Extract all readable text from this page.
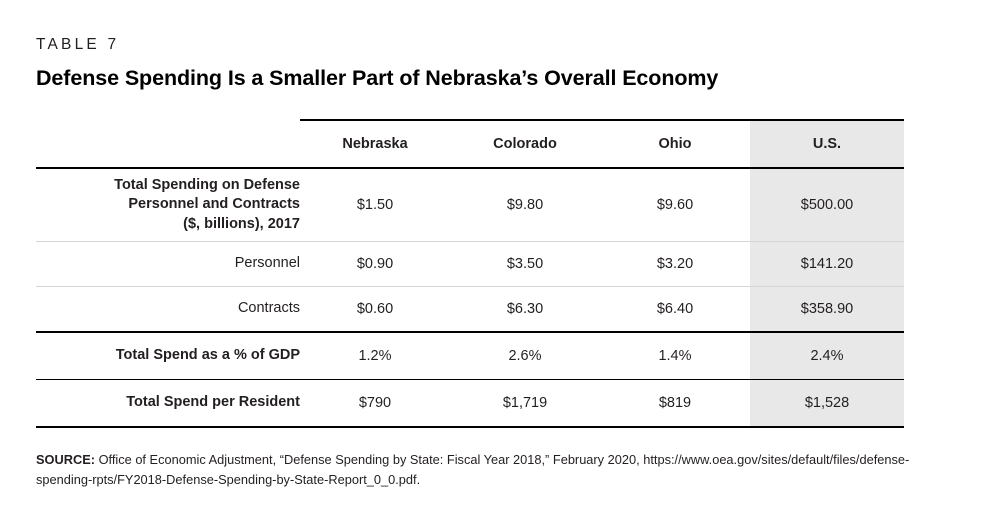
TABLE 7
Defense Spending Is a Smaller Part of Nebraska’s Overall Economy
	Nebraska	Colorado	Ohio	U.S.

Total Spending on Defense
Personnel and Contracts
($, billions), 2017	$1.50	$9.80	$9.60	$500.00
Personnel	$0.90	$3.50	$3.20	$141.20
Contracts	$0.60	$6.30	$6.40	$358.90
Total Spend as a % of GDP	1.2%	2.6%	1.4%	2.4%
Total Spend per Resident	$790	$1,719	$819	$1,528
SOURCE: Office of Economic Adjustment, “Defense Spending by State: Fiscal Year 2018,” February 2020, https://www.oea.gov/sites/default/files/defense-spending-rpts/FY2018-Defense-Spending-by-State-Report_0_0.pdf.
